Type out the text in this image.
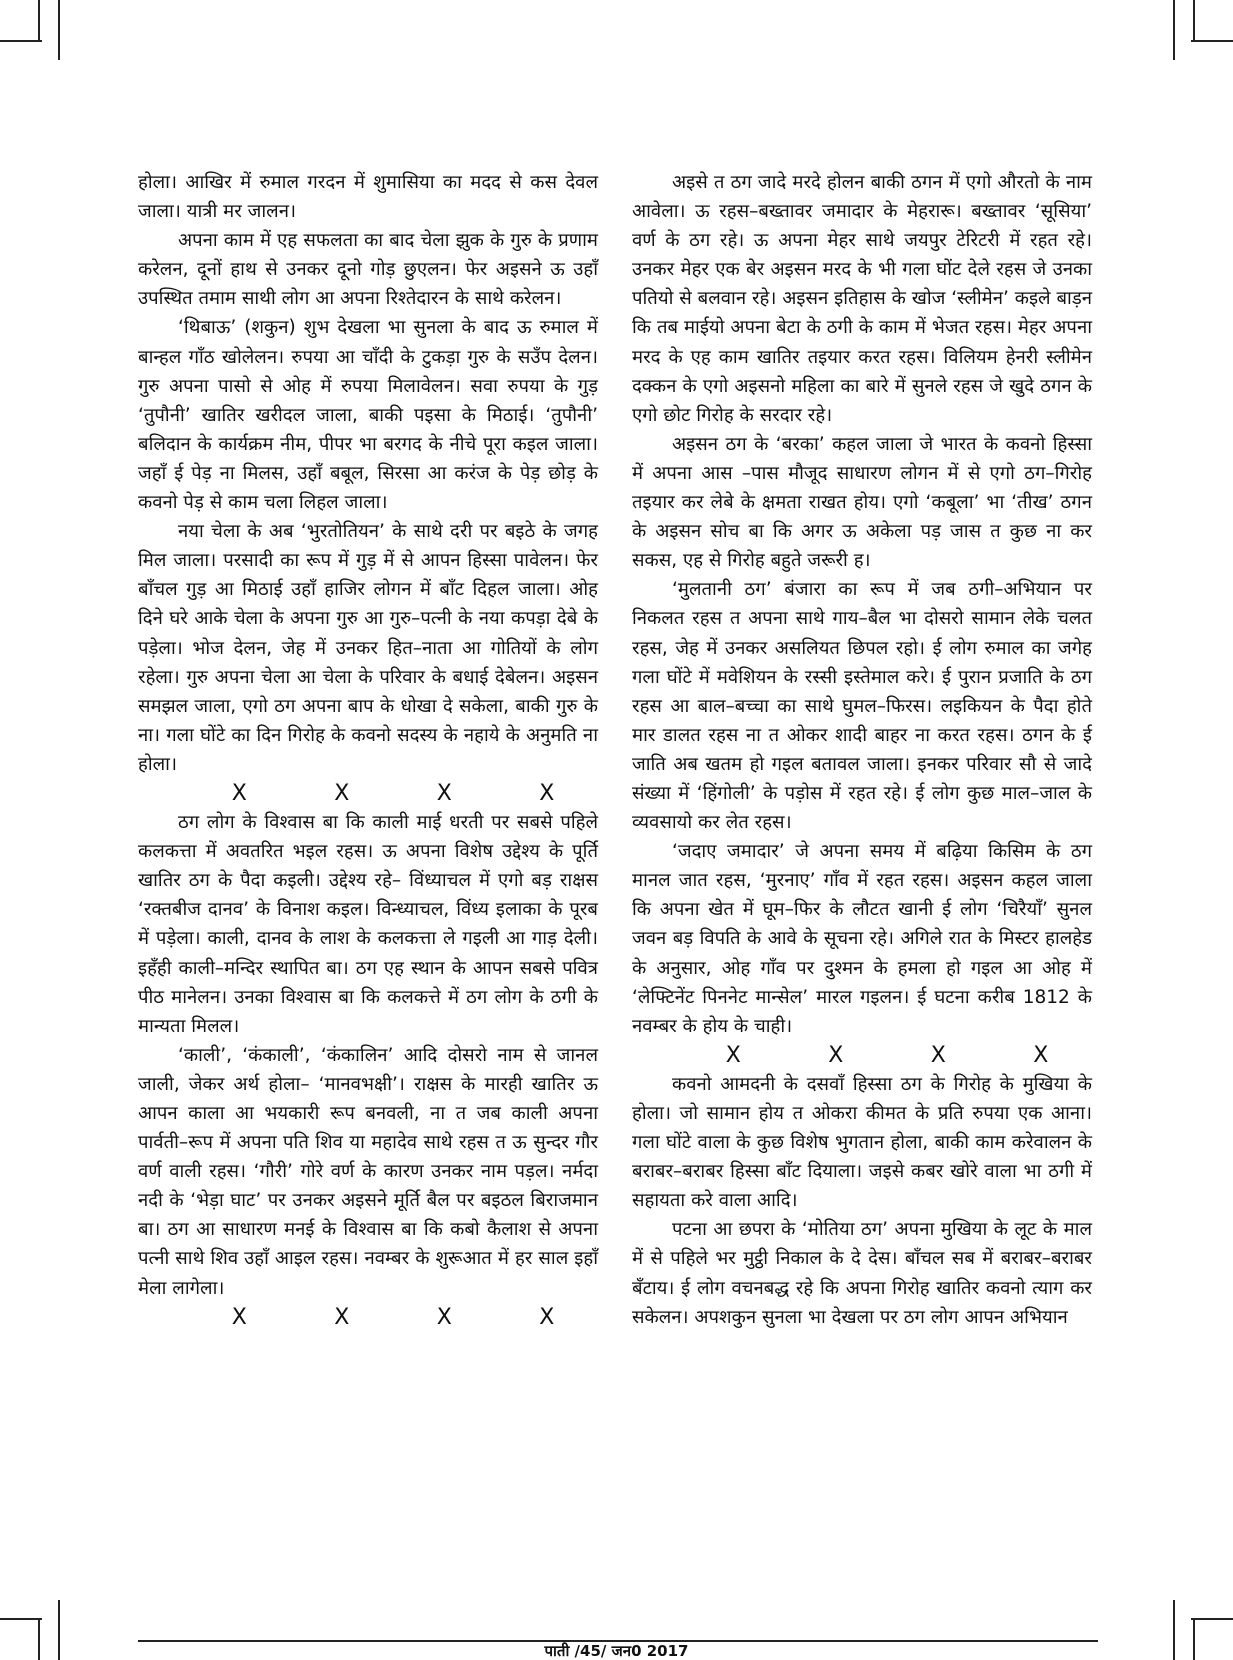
होला। आखिर में रुमाल गरदन में शुमासिया का मदद से कस देवल जाला। यात्री मर जालन।

अपना काम में एह सफलता का बाद चेला झुक के गुरु के प्रणाम करेलन, दूनों हाथ से उनकर दूनो गोड़ छुएलन। फेर अइसने ऊ उहाँ उपस्थित तमाम साथी लोग आ अपना रिश्तेदारन के साथे करेलन।

‘थिबाऊ’ (शकुन) शुभ देखला भा सुनला के बाद ऊ रुमाल में बान्हल गाँठ खोलेलन। रुपया आ चाँदी के टुकड़ा गुरु के सउँप देलन। गुरु अपना पासो से ओह में रुपया मिलावेलन। सवा रुपया के गुड़ ‘तुपौनी’ खातिर खरीदल जाला, बाकी पइसा के मिठाई। ‘तुपौनी’ बलिदान के कार्यक्रम नीम, पीपर भा बरगद के नीचे पूरा कइल जाला। जहाँ ई पेड़ ना मिलस, उहाँ बबूल, सिरसा आ करंज के पेड़ छोड़ के कवनो पेड़ से काम चला लिहल जाला।

नया चेला के अब ‘भुरतोतियन’ के साथे दरी पर बइठे के जगह मिल जाला। परसादी का रूप में गुड़ में से आपन हिस्सा पावेलन। फेर बाँचल गुड़ आ मिठाई उहाँ हाजिर लोगन में बाँट दिहल जाला। ओह दिने घरे आके चेला के अपना गुरु आ गुरु–पत्नी के नया कपड़ा देबे के पड़ेला। भोज देलन, जेह में उनकर हित–नाता आ गोतियों के लोग रहेला। गुरु अपना चेला आ चेला के परिवार के बधाई देबेलन। अइसन समझल जाला, एगो ठग अपना बाप के धोखा दे सकेला, बाकी गुरु के ना। गला घोंटे का दिन गिरोह के कवनो सदस्य के नहाये के अनुमति ना होला।

X	X	X	X

ठग लोग के विश्वास बा कि काली माई धरती पर सबसे पहिले कलकत्ता में अवतरित भइल रहस। ऊ अपना विशेष उद्देश्य के पूर्ति खातिर ठग के पैदा कइली। उद्देश्य रहे– विंध्याचल में एगो बड़ राक्षस ‘रक्तबीज दानव’ के विनाश कइल। विन्ध्याचल, विंध्य इलाका के पूरब में पड़ेला। काली, दानव के लाश के कलकत्ता ले गइली आ गाड़ देली। इहँही काली–मन्दिर स्थापित बा। ठग एह स्थान के आपन सबसे पवित्र पीठ मानेलन। उनका विश्वास बा कि कलकत्ते में ठग लोग के ठगी के मान्यता मिलल।

‘काली’, ‘कंकाली’, ‘कंकालिन’ आदि दोसरो नाम से जानल जाली, जेकर अर्थ होला– ‘मानवभक्षी’। राक्षस के मारही खातिर ऊ आपन काला आ भयकारी रूप बनवली, ना त जब काली अपना पार्वती–रूप में अपना पति शिव या महादेव साथे रहस त ऊ सुन्दर गौर वर्ण वाली रहस। ‘गौरी’ गोरे वर्ण के कारण उनकर नाम पड़ल। नर्मदा नदी के ‘भेड़ा घाट’ पर उनकर अइसने मूर्ति बैल पर बइठल बिराजमान बा। ठग आ साधारण मनई के विश्वास बा कि कबो कैलाश से अपना पत्नी साथे शिव उहाँ आइल रहस। नवम्बर के शुरूआत में हर साल इहाँ मेला लागेला।

X	X	X	X

अइसे त ठग जादे मरदे होलन बाकी ठगन में एगो औरतो के नाम आवेला। ऊ रहस–बख्तावर जमादार के मेहरारू। बख्तावर ‘सूसिया’ वर्ण के ठग रहे। ऊ अपना मेहर साथे जयपुर टेरिटरी में रहत रहे। उनकर मेहर एक बेर अइसन मरद के भी गला घोंट देले रहस जे उनका पतियो से बलवान रहे। अइसन इतिहास के खोज ‘स्लीमेन’ कइले बाड़न कि तब माईयो अपना बेटा के ठगी के काम में भेजत रहस। मेहर अपना मरद के एह काम खातिर तइयार करत रहस। विलियम हेनरी स्लीमेन दक्कन के एगो अइसनो महिला का बारे में सुनले रहस जे खुदे ठगन के एगो छोट गिरोह के सरदार रहे।

अइसन ठग के ‘बरका’ कहल जाला जे भारत के कवनो हिस्सा में अपना आस –पास मौजूद साधारण लोगन में से एगो ठग–गिरोह तइयार कर लेबे के क्षमता राखत होय। एगो ‘कबूला’ भा ‘तीख’ ठगन के अइसन सोच बा कि अगर ऊ अकेला पड़ जास त कुछ ना कर सकस, एह से गिरोह बहुते जरूरी ह।

‘मुलतानी ठग’ बंजारा का रूप में जब ठगी–अभियान पर निकलत रहस त अपना साथे गाय–बैल भा दोसरो सामान लेके चलत रहस, जेह में उनकर असलियत छिपल रहो। ई लोग रुमाल का जगेह गला घोंटे में मवेशियन के रस्सी इस्तेमाल करे। ई पुरान प्रजाति के ठग रहस आ बाल–बच्चा का साथे घुमल–फिरस। लइकियन के पैदा होते मार डालत रहस ना त ओकर शादी बाहर ना करत रहस। ठगन के ई जाति अब खतम हो गइल बतावल जाला। इनकर परिवार सौ से जादे संख्या में ‘हिंगोली’ के पड़ोस में रहत रहे। ई लोग कुछ माल–जाल के व्यवसायो कर लेत रहस।

‘जदाए जमादार’ जे अपना समय में बढ़िया किसिम के ठग मानल जात रहस, ‘मुरनाए’ गाँव में रहत रहस। अइसन कहल जाला कि अपना खेत में घूम–फिर के लौटत खानी ई लोग ‘चिरैयाँ’ सुनल जवन बड़ विपति के आवे के सूचना रहे। अगिले रात के मिस्टर हालहेड के अनुसार, ओह गाँव पर दुश्मन के हमला हो गइल आ ओह में ‘लेफ्टिनेंट पिननेट मान्सेल’ मारल गइलन। ई घटना करीब 1812 के नवम्बर के होय के चाही।

X	X	X	X

कवनो आमदनी के दसवाँ हिस्सा ठग के गिरोह के मुखिया के होला। जो सामान होय त ओकरा कीमत के प्रति रुपया एक आना। गला घोंटे वाला के कुछ विशेष भुगतान होला, बाकी काम करेवालन के बराबर–बराबर हिस्सा बाँट दियाला। जइसे कबर खोरे वाला भा ठगी में सहायता करे वाला आदि।

पटना आ छपरा के ‘मोतिया ठग’ अपना मुखिया के लूट के माल में से पहिले भर मुट्ठी निकाल के दे देस। बाँचल सब में बराबर–बराबर बँटाय। ई लोग वचनबद्ध रहे कि अपना गिरोह खातिर कवनो त्याग कर सकेलन। अपशकुन सुनला भा देखला पर ठग लोग आपन अभियान

पाती /45/ जन0 2017
